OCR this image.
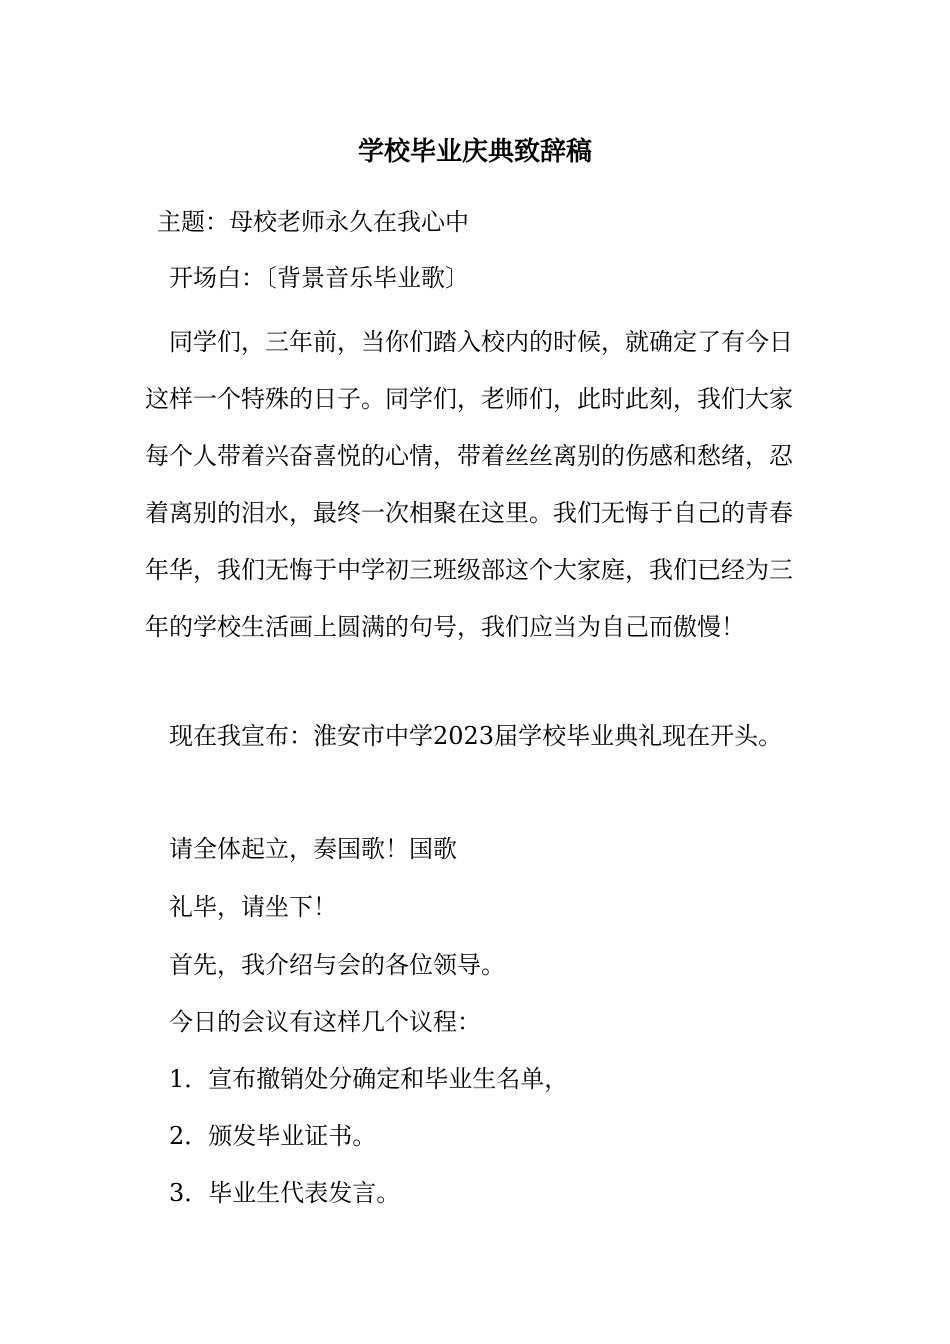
学校毕业庆典致辞稿
主题：母校老师永久在我心中
开场白：〔背景音乐毕业歌〕
同学们，三年前，当你们踏入校内的时候，就确定了有今日这样一个特殊的日子。同学们，老师们，此时此刻，我们大家每个人带着兴奋喜悦的心情，带着丝丝离别的伤感和愁绪，忍着离别的泪水，最终一次相聚在这里。我们无悔于自己的青春年华，我们无悔于中学初三班级部这个大家庭，我们已经为三年的学校生活画上圆满的句号，我们应当为自己而傲慢！
现在我宣布：淮安市中学2023届学校毕业典礼现在开头。
请全体起立，奏国歌！国歌
礼毕，请坐下！
首先，我介绍与会的各位领导。
今日的会议有这样几个议程：
1．宣布撤销处分确定和毕业生名单，
2．颁发毕业证书。
3．毕业生代表发言。
